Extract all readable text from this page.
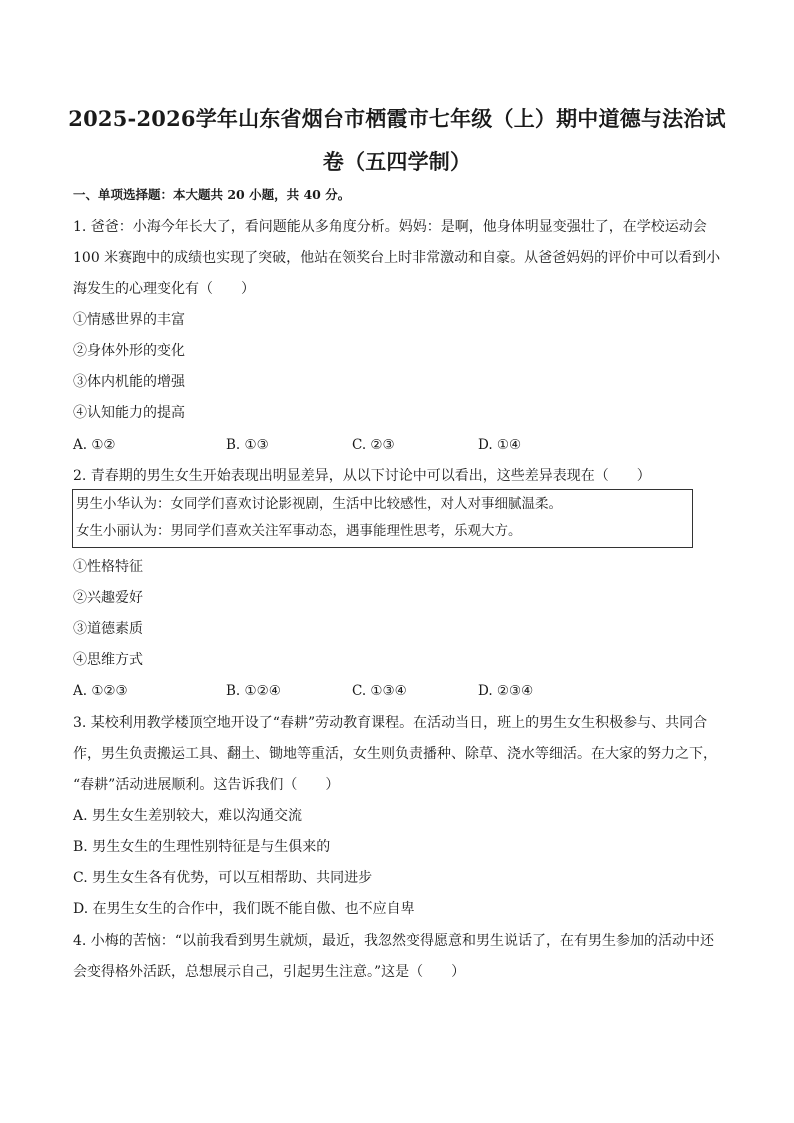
2025-2026学年山东省烟台市栖霞市七年级（上）期中道德与法治试
卷（五四学制）
一、单项选择题：本大题共 20 小题，共 40 分。
1. 爸爸：小海今年长大了，看问题能从多角度分析。妈妈：是啊，他身体明显变强壮了，在学校运动会
100 米赛跑中的成绩也实现了突破，他站在领奖台上时非常激动和自豪。从爸爸妈妈的评价中可以看到小
海发生的心理变化有（　　）
①情感世界的丰富
②身体外形的变化
③体内机能的增强
④认知能力的提高
A. ①②	B. ①③	C. ②③	D. ①④
2. 青春期的男生女生开始表现出明显差异，从以下讨论中可以看出，这些差异表现在（　　）
男生小华认为：女同学们喜欢讨论影视剧，生活中比较感性，对人对事细腻温柔。
女生小丽认为：男同学们喜欢关注军事动态，遇事能理性思考，乐观大方。
①性格特征
②兴趣爱好
③道德素质
④思维方式
A. ①②③	B. ①②④	C. ①③④	D. ②③④
3. 某校利用教学楼顶空地开设了“春耕”劳动教育课程。在活动当日，班上的男生女生积极参与、共同合
作，男生负责搬运工具、翻土、锄地等重活，女生则负责播种、除草、浇水等细活。在大家的努力之下，
“春耕”活动进展顺利。这告诉我们（　　）
A. 男生女生差别较大，难以沟通交流
B. 男生女生的生理性别特征是与生俱来的
C. 男生女生各有优势，可以互相帮助、共同进步
D. 在男生女生的合作中，我们既不能自傲、也不应自卑
4. 小梅的苦恼：“以前我看到男生就烦，最近，我忽然变得愿意和男生说话了，在有男生参加的活动中还
会变得格外活跃，总想展示自己，引起男生注意。”这是（　　）
